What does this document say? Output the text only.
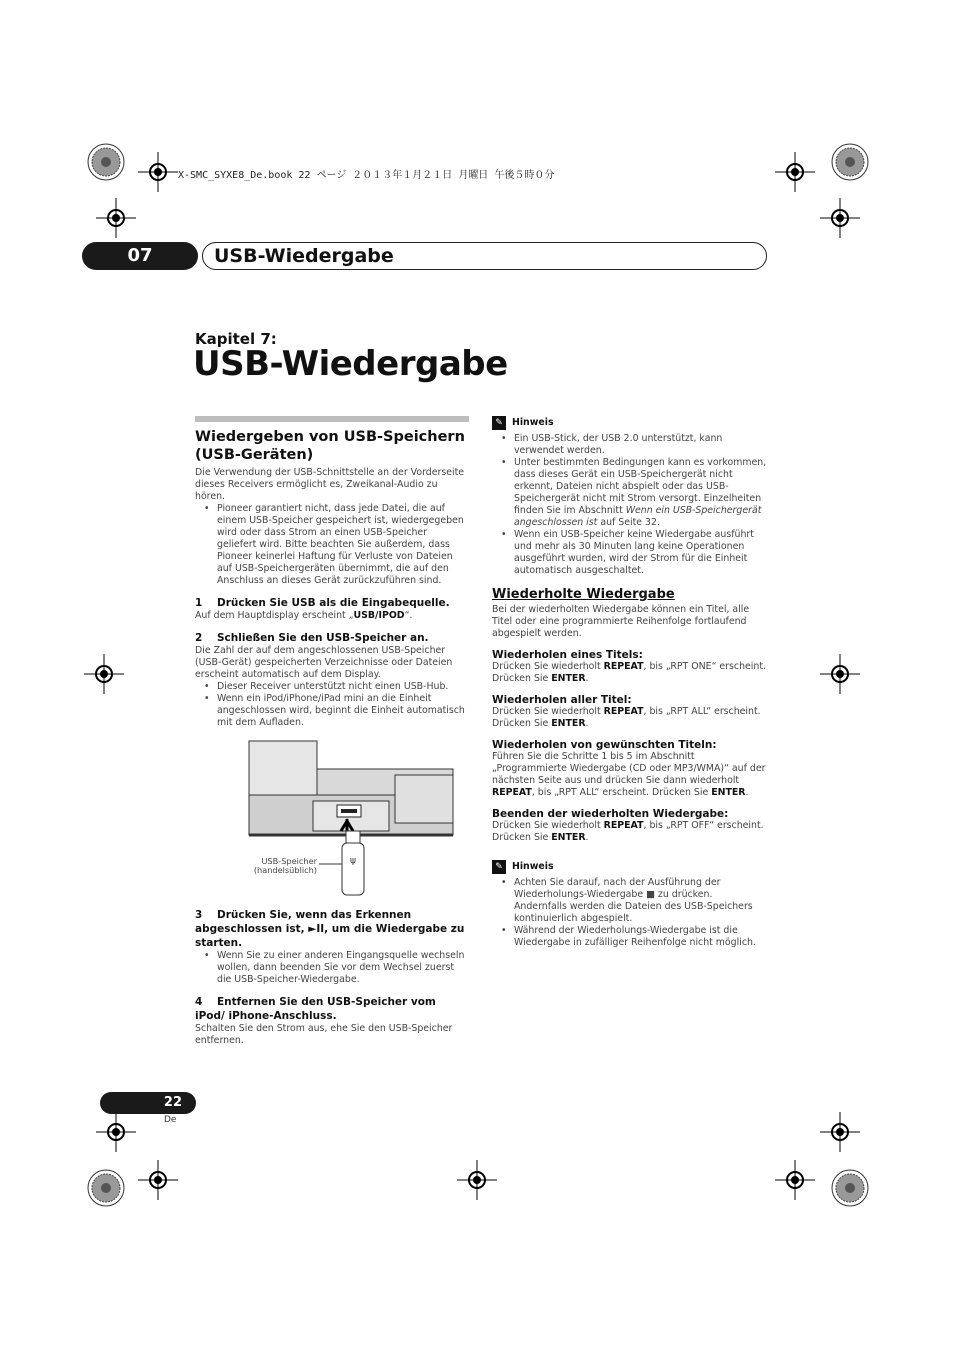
X-SMC_SYXE8_De.book 22 ページ ２０１３年１月２１日 月曜日 午後５時０分
07	USB-Wiedergabe
Kapitel 7:
USB-Wiedergabe
Wiedergeben von USB-Speichern (USB-Geräten)

Die Verwendung der USB-Schnittstelle an der Vorderseite dieses Receivers ermöglicht es, Zweikanal-Audio zu hören.

• Pioneer garantiert nicht, dass jede Datei, die auf einem USB-Speicher gespeichert ist, wiedergegeben wird oder dass Strom an einen USB-Speicher geliefert wird. Bitte beachten Sie außerdem, dass Pioneer keinerlei Haftung für Verluste von Dateien auf USB-Speichergeräten übernimmt, die auf den Anschluss an dieses Gerät zurückzuführen sind.
1 Drücken Sie USB als die Eingabequelle.

Auf dem Hauptdisplay erscheint „USB/IPOD“.

2 Schließen Sie den USB-Speicher an.

Die Zahl der auf dem angeschlossenen USB-Speicher (USB-Gerät) gespeicherten Verzeichnisse oder Dateien erscheint automatisch auf dem Display.

• Dieser Receiver unterstützt nicht einen USB-Hub.
• Wenn ein iPod/iPhone/iPad mini an die Einheit angeschlossen wird, beginnt die Einheit automatisch mit dem Aufladen.
ψ
USB-Speicher
(handelsüblich)
3	Drücken Sie, wenn das Erkennen abgeschlossen ist, ►II, um die Wiedergabe zu starten.
• Wenn Sie zu einer anderen Eingangsquelle wechseln wollen, dann beenden Sie vor dem Wechsel zuerst die USB-Speicher-Wiedergabe.
4	Entfernen Sie den USB-Speicher vom iPod/ iPhone-Anschluss.

Schalten Sie den Strom aus, ehe Sie den USB-Speicher entfernen.

✎ Hinweis
• Ein USB-Stick, der USB 2.0 unterstützt, kann verwendet werden.
• Unter bestimmten Bedingungen kann es vorkommen, dass dieses Gerät ein USB-Speichergerät nicht erkennt, Dateien nicht abspielt oder das USB-Speichergerät nicht mit Strom versorgt. Einzelheiten finden Sie im Abschnitt Wenn ein USB-Speichergerät angeschlossen ist auf Seite 32.
• Wenn ein USB-Speicher keine Wiedergabe ausführt und mehr als 30 Minuten lang keine Operationen ausgeführt wurden, wird der Strom für die Einheit automatisch ausgeschaltet.
Wiederholte Wiedergabe

Bei der wiederholten Wiedergabe können ein Titel, alle Titel oder eine programmierte Reihenfolge fortlaufend abgespielt werden.

Wiederholen eines Titels:

Drücken Sie wiederholt REPEAT, bis „RPT ONE“ erscheint. Drücken Sie ENTER.

Wiederholen aller Titel:

Drücken Sie wiederholt REPEAT, bis „RPT ALL“ erscheint. Drücken Sie ENTER.

Wiederholen von gewünschten Titeln:

Führen Sie die Schritte 1 bis 5 im Abschnitt „Programmierte Wiedergabe (CD oder MP3/WMA)“ auf der nächsten Seite aus und drücken Sie dann wiederholt REPEAT, bis „RPT ALL“ erscheint. Drücken Sie ENTER.

Beenden der wiederholten Wiedergabe:

Drücken Sie wiederholt REPEAT, bis „RPT OFF“ erscheint. Drücken Sie ENTER.

✎ Hinweis
• Achten Sie darauf, nach der Ausführung der Wiederholungs-Wiedergabe ■ zu drücken. Andernfalls werden die Dateien des USB-Speichers kontinuierlich abgespielt.
• Während der Wiederholungs-Wiedergabe ist die Wiedergabe in zufälliger Reihenfolge nicht möglich.
22
De
